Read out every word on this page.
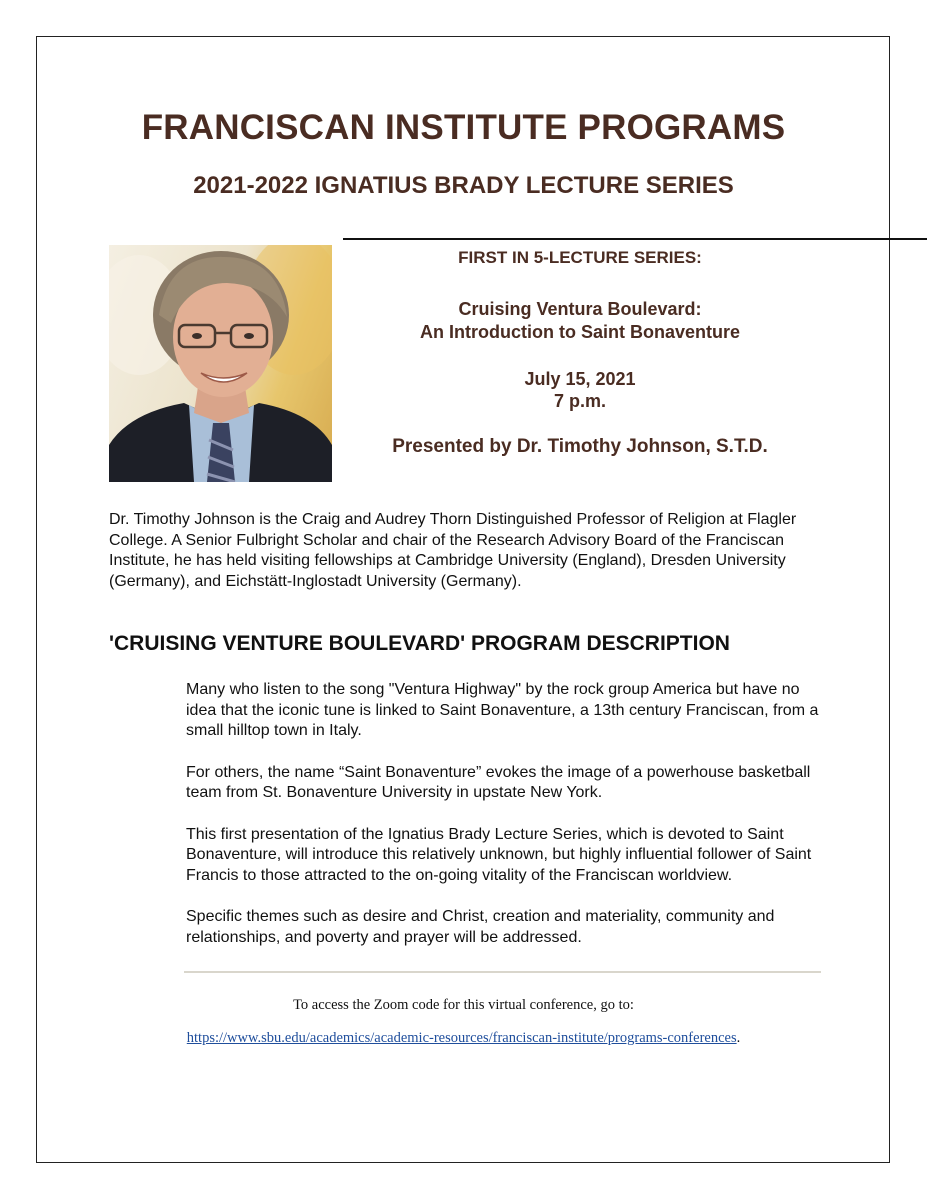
FRANCISCAN INSTITUTE PROGRAMS
2021-2022 IGNATIUS BRADY LECTURE SERIES
FIRST IN 5-LECTURE SERIES:
Cruising Ventura Boulevard:
An Introduction to Saint Bonaventure
July 15, 2021
7 p.m.
Presented by Dr. Timothy Johnson, S.T.D.
Dr. Timothy Johnson is the Craig and Audrey Thorn Distinguished Professor of Religion at Flagler College. A Senior Fulbright Scholar and chair of the Research Advisory Board of the Franciscan Institute, he has held visiting fellowships at Cambridge University (England), Dresden University (Germany), and Eichstätt-Inglostadt University (Germany).
'CRUISING VENTURE BOULEVARD' PROGRAM DESCRIPTION

Many who listen to the song "Ventura Highway" by the rock group America but have no idea that the iconic tune is linked to Saint Bonaventure, a 13th century Franciscan, from a small hilltop town in Italy.

For others, the name “Saint Bonaventure” evokes the image of a powerhouse basketball team from St. Bonaventure University in upstate New York.

This first presentation of the Ignatius Brady Lecture Series, which is devoted to Saint Bonaventure, will introduce this relatively unknown, but highly influential follower of Saint Francis to those attracted to the on-going vitality of the Franciscan worldview.

Specific themes such as desire and Christ, creation and materiality, community and relationships, and poverty and prayer will be addressed.

To access the Zoom code for this virtual conference, go to:
https://www.sbu.edu/academics/academic-resources/franciscan-institute/programs-conferences.
